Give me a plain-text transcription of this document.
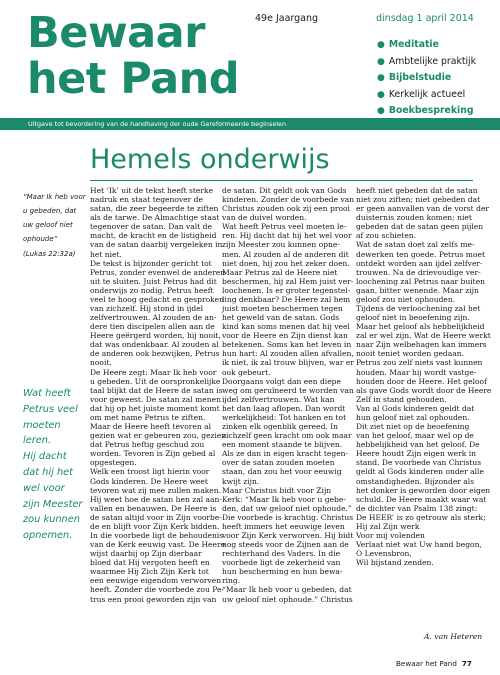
Bewaar
het Pand
49e Jaargang	dinsdag 1 april 2014
● Meditatie
● Ambtelijke praktijk
● Bijbelstudie
● Kerkelijk actueel
● Boekbespreking
Uitgave tot bevordering van de handhaving der oude Gereformeerde beginselen
Hemels onderwijs
“Maar Ik heb voor
u gebeden, dat
uw geloof niet
ophoude”
(Lukas 22:32a)
Wat heeft
Petrus veel
moeten leren.
Hij dacht
dat hij het
wel voor
zijn Meester
zou kunnen
opnemen.
Het ‘Ik’ uit de tekst heeft sterke
nadruk en staat tegenover de
satan, die zeer begeerde te ziften
als de tarwe. De Almachtige staat
tegenover de satan. Dan valt de
macht, de kracht en de listigheid
van de satan daarbij vergeleken in
het niet.
De tekst is bijzonder gericht tot
Petrus, zonder evenwel de anderen
uit te sluiten. Juist Petrus had dit
onderwijs zo nodig. Petrus heeft
veel te hoog gedacht en gesproken
van zichzelf. Hij stond in ijdel
zelfvertrouwen. Al zouden de an-
dere tien discipelen allen aan de
Heere geërgerd worden, hij nooit,
dat was ondenkbaar. Al zouden al
de anderen ook bezwijken, Petrus
nooit.
De Heere zegt: Maar Ik heb voor
u gebeden. Uit de oorspronkelijke
taal blijkt dat de Heere de satan is
voor geweest. De satan zal menen
dat hij op het juiste moment komt
om met name Petrus te ziften.
Maar de Heere heeft tevoren al
gezien wat er gebeuren zou, gezien
dat Petrus heftig geschud zou
worden. Tevoren is Zijn gebed al
opgestegen.
Welk een troost ligt hierin voor
Gods kinderen. De Heere weet
tevoren wat zij mee zullen maken.
Hij weet hoe de satan hen zal aan-
vallen en benauwen. De Heere is
de satan altijd voor in Zijn voorbe-
de en blijft voor Zijn Kerk bidden.
In die voorbede ligt de behoudenis
van de Kerk eeuwig vast. De Heere
wijst daarbij op Zijn dierbaar
bloed dat Hij vergoten heeft en
waarmee Hij Zich Zijn Kerk tot
een eeuwige eigendom verworven
heeft. Zonder die voorbede zou Pe-
trus een prooi geworden zijn van
de satan. Dit geldt ook van Gods
kinderen. Zonder de voorbede van
Christus zouden ook zij een prooi
van de duivel worden.
Wat heeft Petrus veel moeten le-
ren. Hij dacht dat hij het wel voor
zijn Meester zou kunnen opne-
men. Al zouden al de anderen dit
niet doen, hij zou het zeker doen.
Maar Petrus zal de Heere niet
beschermen, hij zal Hem juist ver-
loochenen. Is er groter tegenstel-
ling denkbaar? De Heere zal hem
juist moeten beschermen tegen
het geweld van de satan. Gods
kind kan soms menen dat hij veel
voor de Heere en Zijn dienst kan
betekenen. Soms kan het leven in
hun hart: Al zouden allen afvallen,
ik niet, ik zal trouw blijven, war er
ook gebeurt.
Doorgaans volgt dan een diepe
weg om geruïneerd te worden van
ijdel zelfvertrouwen. Wat kan
het dan laag aflopen. Dan wordt
werkelijkheid: Tot hanken en tot
zinken elk ogenblik gereed. In
zichzelf geen kracht om ook maar
een moment staande te blijven.
Als ze dan in eigen kracht tegen-
over de satan zouden moeten
staan, dan zou het voor eeuwig
kwijt zijn.
Maar Christus bidt voor Zijn
Kerk: “Maar Ik heb voor u gebe-
den, dat uw geloof niet ophoude.”
Die voorbede is krachtig. Christus
heeft immers het eeuwige leven
voor Zijn Kerk verworven. Hij bidt
nog steeds voor de Zijnen aan de
rechterhand des Vaders. In die
voorbede ligt de zekerheid van
hun bescherming en hun bewa-
ring.
“Maar Ik heb voor u gebeden, dat
uw geloof niet ophoude.” Christus
heeft niet gebeden dat de satan
niet zou ziften; niet gebeden dat
er geen aanvallen van de vorst der
duisternis zouden komen; niet
gebeden dat de satan geen pijlen
af zou schieten.
Wat de satan doet zal zelfs me-
dewerken ten goede. Petrus moet
ontdekt worden aan ijdel zelfver-
trouwen. Na de drievoudige ver-
loochening zal Petrus naar buiten
gaan, bitter wenende. Maar zijn
geloof zou niet ophouden.
Tijdens de verloochening zal het
geloof niet in beoefening zijn.
Maar het geloof als hebbelijkheid
zal er wel zijn. Wat de Heere werkt
naar Zijn welbehagen kan immers
nooit teniet worden gedaan.
Petrus zou zelf niets vast kunnen
houden. Maar hij wordt vastge-
houden door de Heere. Het geloof
als gave Gods wordt door de Heere
Zelf in stand gehouden.
Van al Gods kinderen geldt dat
hun geloof niet zal ophouden.
Dit ziet niet op de beoefening
van het geloof, maar wel op de
hebbelijkheid van het geloof. De
Heere houdt Zijn eigen werk in
stand. De voorbede van Christus
geldt al Gods kinderen onder alle
omstandigheden. Bijzonder als
het donker is geworden door eigen
schuld. De Heere maakt waar wat
de dichter van Psalm 138 zingt:
De HEER’ is zo getrouw als sterk;
Hij zal Zijn werk
Voor mij volenden
Verlaat niet wat Uw hand begon,
O Levensbron,
Wil bijstand zenden.
A. van Heteren
Bewaar het Pand 77
